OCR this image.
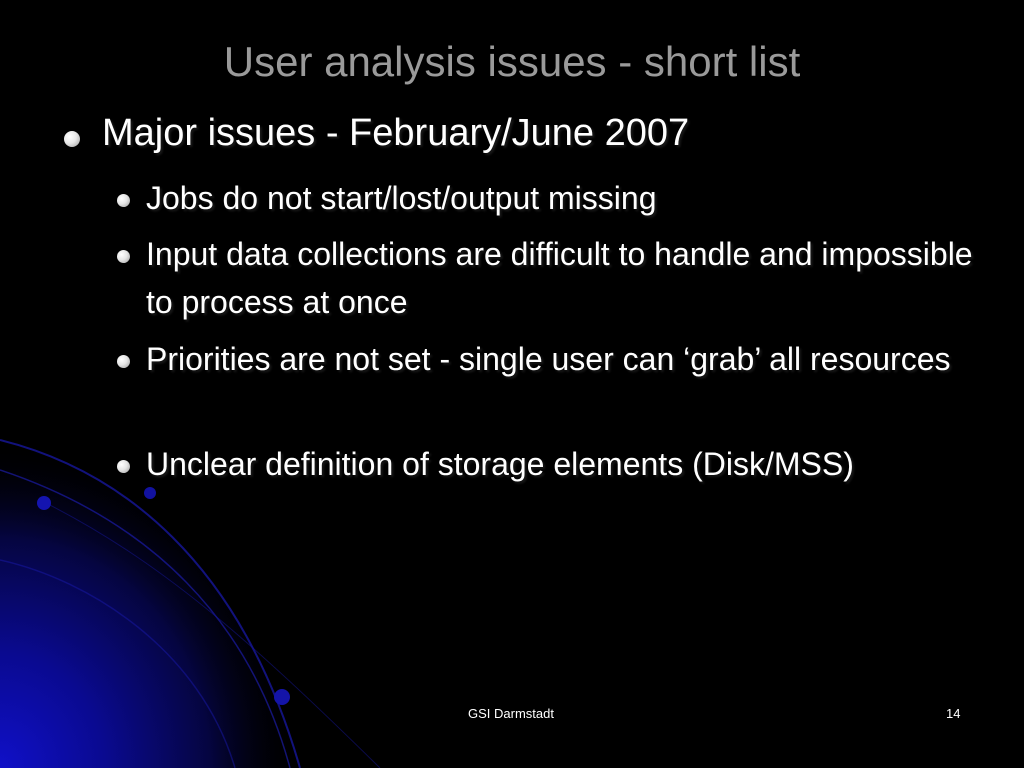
User analysis issues - short list
Major issues - February/June 2007
Jobs do not start/lost/output missing
Input data collections are difficult to handle and impossible to process at once
Priorities are not set - single user can ‘grab’ all resources
Unclear definition of storage elements (Disk/MSS)
GSI Darmstadt	14
